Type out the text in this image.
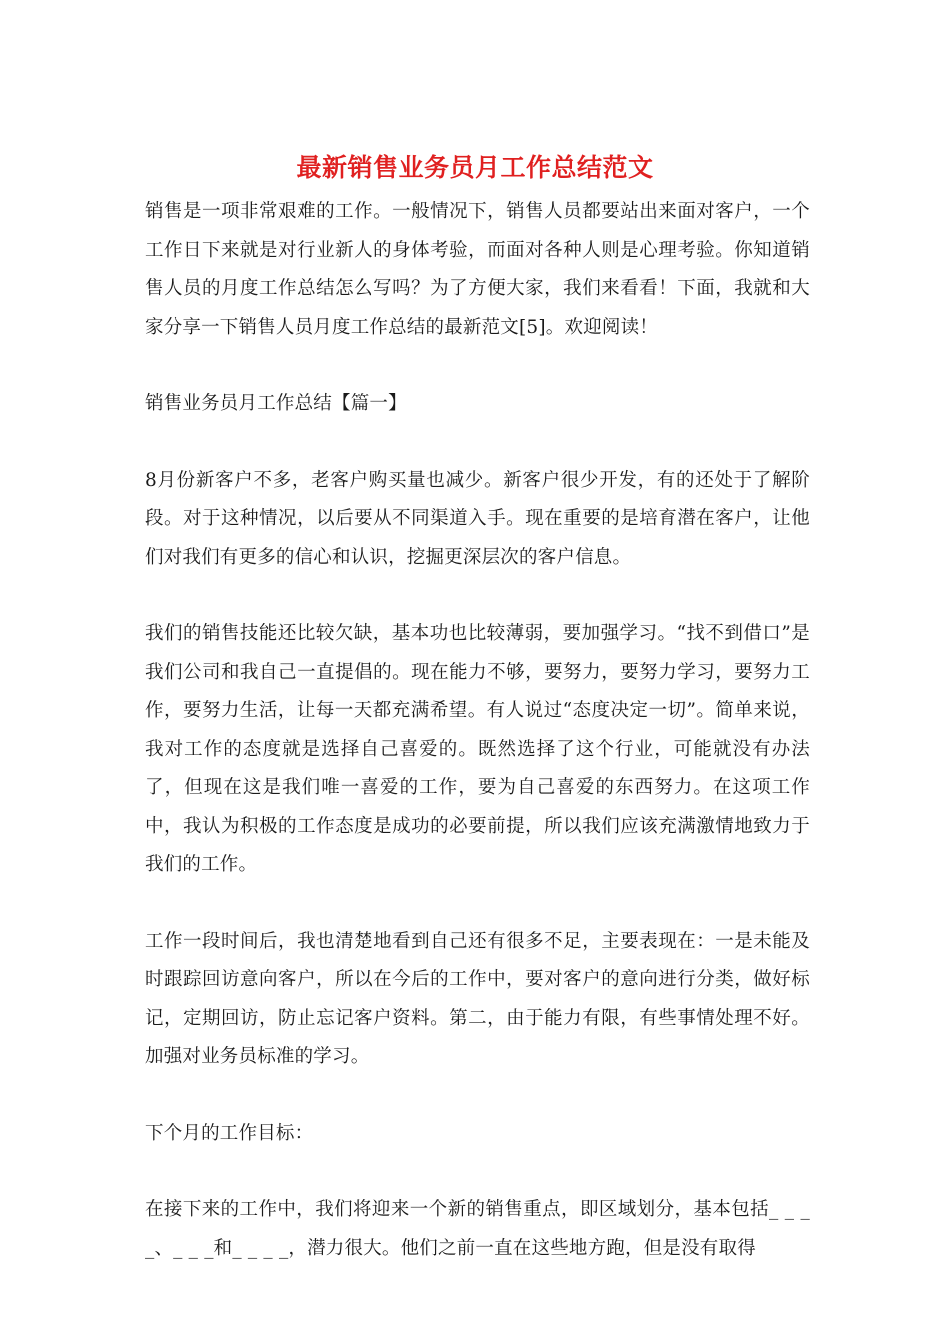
最新销售业务员月工作总结范文

销售是一项非常艰难的工作。一般情况下，销售人员都要站出来面对客户，一个工作日下来就是对行业新人的身体考验，而面对各种人则是心理考验。你知道销售人员的月度工作总结怎么写吗？为了方便大家，我们来看看！下面，我就和大家分享一下销售人员月度工作总结的最新范文[5]。欢迎阅读！

销售业务员月工作总结【篇一】

8月份新客户不多，老客户购买量也减少。新客户很少开发，有的还处于了解阶段。对于这种情况，以后要从不同渠道入手。现在重要的是培育潜在客户，让他们对我们有更多的信心和认识，挖掘更深层次的客户信息。

我们的销售技能还比较欠缺，基本功也比较薄弱，要加强学习。“找不到借口”是我们公司和我自己一直提倡的。现在能力不够，要努力，要努力学习，要努力工作，要努力生活，让每一天都充满希望。有人说过“态度决定一切”。简单来说，我对工作的态度就是选择自己喜爱的。既然选择了这个行业，可能就没有办法了，但现在这是我们唯一喜爱的工作，要为自己喜爱的东西努力。在这项工作中，我认为积极的工作态度是成功的必要前提，所以我们应该充满激情地致力于我们的工作。

工作一段时间后，我也清楚地看到自己还有很多不足，主要表现在：一是未能及时跟踪回访意向客户，所以在今后的工作中，要对客户的意向进行分类，做好标记，定期回访，防止忘记客户资料。第二，由于能力有限，有些事情处理不好。加强对业务员标准的学习。

下个月的工作目标：

在接下来的工作中，我们将迎来一个新的销售重点，即区域划分，基本包括_ _ _ _、_ _ _和_ _ _ _，潜力很大。他们之前一直在这些地方跑，但是没有取得
